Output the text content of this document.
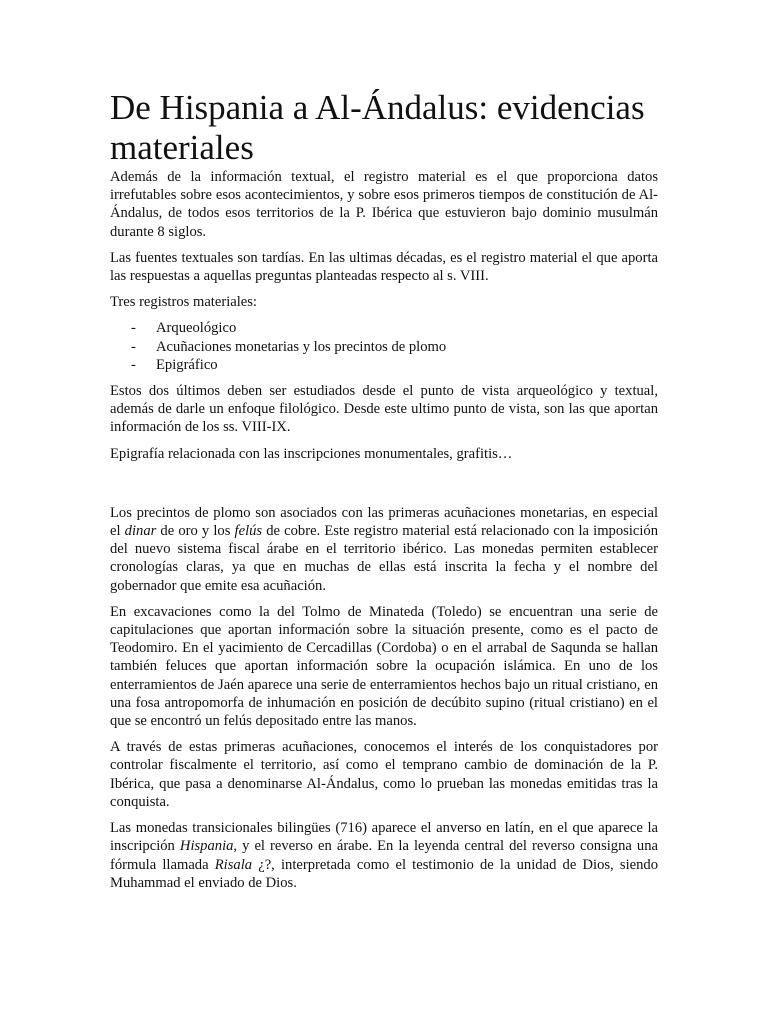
De Hispania a Al-Ándalus: evidencias materiales

Además de la información textual, el registro material es el que proporciona datos irrefutables sobre esos acontecimientos, y sobre esos primeros tiempos de constitución de Al-Ándalus, de todos esos territorios de la P. Ibérica que estuvieron bajo dominio musulmán durante 8 siglos.

Las fuentes textuales son tardías. En las ultimas décadas, es el registro material el que aporta las respuestas a aquellas preguntas planteadas respecto al s. VIII.

Tres registros materiales:

-	Arqueológico
-	Acuñaciones monetarias y los precintos de plomo
-	Epigráfico

Estos dos últimos deben ser estudiados desde el punto de vista arqueológico y textual, además de darle un enfoque filológico. Desde este ultimo punto de vista, son las que aportan información de los ss. VIII-IX.

Epigrafía relacionada con las inscripciones monumentales, grafitis…

Los precintos de plomo son asociados con las primeras acuñaciones monetarias, en especial el dinar de oro y los felús de cobre. Este registro material está relacionado con la imposición del nuevo sistema fiscal árabe en el territorio ibérico. Las monedas permiten establecer cronologías claras, ya que en muchas de ellas está inscrita la fecha y el nombre del gobernador que emite esa acuñación.

En excavaciones como la del Tolmo de Minateda (Toledo) se encuentran una serie de capitulaciones que aportan información sobre la situación presente, como es el pacto de Teodomiro. En el yacimiento de Cercadillas (Cordoba) o en el arrabal de Saqunda se hallan también feluces que aportan información sobre la ocupación islámica. En uno de los enterramientos de Jaén aparece una serie de enterramientos hechos bajo un ritual cristiano, en una fosa antropomorfa de inhumación en posición de decúbito supino (ritual cristiano) en el que se encontró un felús depositado entre las manos.

A través de estas primeras acuñaciones, conocemos el interés de los conquistadores por controlar fiscalmente el territorio, así como el temprano cambio de dominación de la P. Ibérica, que pasa a denominarse Al-Ándalus, como lo prueban las monedas emitidas tras la conquista.

Las monedas transicionales bilingües (716) aparece el anverso en latín, en el que aparece la inscripción Hispania, y el reverso en árabe. En la leyenda central del reverso consigna una fórmula llamada Risala ¿?, interpretada como el testimonio de la unidad de Dios, siendo Muhammad el enviado de Dios.
